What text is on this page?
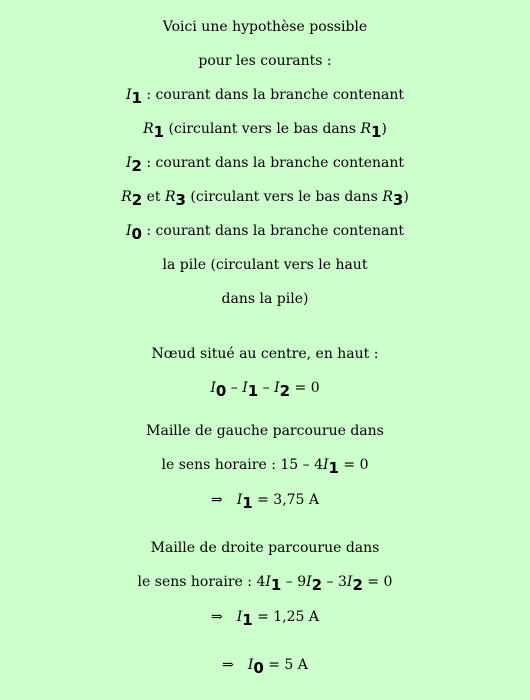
Voici une hypothèse possible
pour les courants :
$I_1$ : courant dans la branche contenant
$R_1$ (circulant vers le bas dans $R_1$)
$I_2$ : courant dans la branche contenant
$R_2$ et $R_3$ (circulant vers le bas dans $R_3$)
$I_0$ : courant dans la branche contenant
la pile (circulant vers le haut
dans la pile)
Nœud situé au centre, en haut :
$I_0 - I_1 - I_2 = 0$
Maille de gauche parcourue dans
le sens horaire : $15 - 4I_1 = 0$
⇒ $I_1 = 3,75$ A
Maille de droite parcourue dans
le sens horaire : $4I_1 - 9I_2 - 3I_2 = 0$
⇒ $I_1 = 1,25$ A
⇒ $I_0 = 5$ A
